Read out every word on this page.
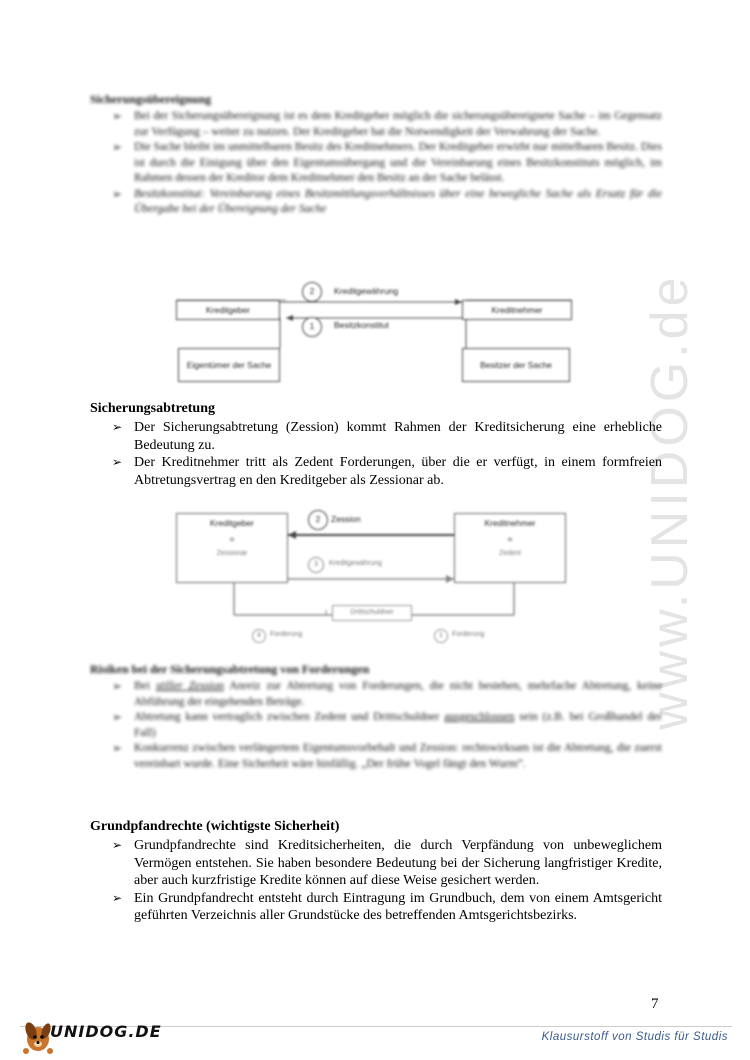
www.UNIDOG.de
Sicherungsübereignung
➢ Bei der Sicherungsübereignung ist es dem Kreditgeber möglich die sicherungsübereignete Sache – im Gegensatz zur Verfügung – weiter zu nutzen. Der Kreditgeber hat die Notwendigkeit der Verwahrung der Sache.
➢ Die Sache bleibt im unmittelbaren Besitz des Kreditnehmers. Der Kreditgeber erwirbt nur mittelbaren Besitz. Dies ist durch die Einigung über den Eigentumsübergang und die Vereinbarung eines Besitzkonstituts möglich, im Rahmen dessen der Kreditor dem Kreditnehmer den Besitz an der Sache belässt.
➢ Besitzkonstitut: Vereinbarung eines Besitzmittlungsverhältnisses über eine bewegliche Sache als Ersatz für die Übergabe bei der Übereignung der Sache
Kreditgeber	Kreditnehmer
2	Kreditgewährung
1	Besitzkonstitut
Eigentümer der Sache	Besitzer der Sache
Sicherungsabtretung
➢ Der Sicherungsabtretung (Zession) kommt Rahmen der Kreditsicherung eine erhebliche Bedeutung zu.
➢ Der Kreditnehmer tritt als Zedent Forderungen, über die er verfügt, in einem formfreien Abtretungsvertrag en den Kreditgeber als Zessionar ab.
Kreditgeber
=
Zessionar
Kreditnehmer
=
Zedent
2	Zession
3	Kreditgewährung
Drittschuldner
4	Forderung	1	Forderung
Risiken bei der Sicherungsabtretung von Forderungen
➢ Bei stiller Zession Anreiz zur Abtretung von Forderungen, die nicht bestehen, mehrfache Abtretung, keine Abführung der eingehenden Beträge.
➢ Abtretung kann vertraglich zwischen Zedent und Drittschuldner ausgeschlossen sein (z.B. bei Großhandel der Fall)
➢ Konkurrenz zwischen verlängertem Eigentumsvorbehalt und Zession: rechtswirksam ist die Abtretung, die zuerst vereinbart wurde. Eine Sicherheit wäre hinfällig. „Der frühe Vogel fängt den Wurm“.
Grundpfandrechte (wichtigste Sicherheit)
➢ Grundpfandrechte sind Kreditsicherheiten, die durch Verpfändung von unbeweglichem Vermögen entstehen. Sie haben besondere Bedeutung bei der Sicherung langfristiger Kredite, aber auch kurzfristige Kredite können auf diese Weise gesichert werden.
➢ Ein Grundpfandrecht entsteht durch Eintragung im Grundbuch, dem von einem Amtsgericht geführten Verzeichnis aller Grundstücke des betreffenden Amtsgerichtsbezirks.
7
UNIDOG.DE	Klausurstoff von Studis für Studis
